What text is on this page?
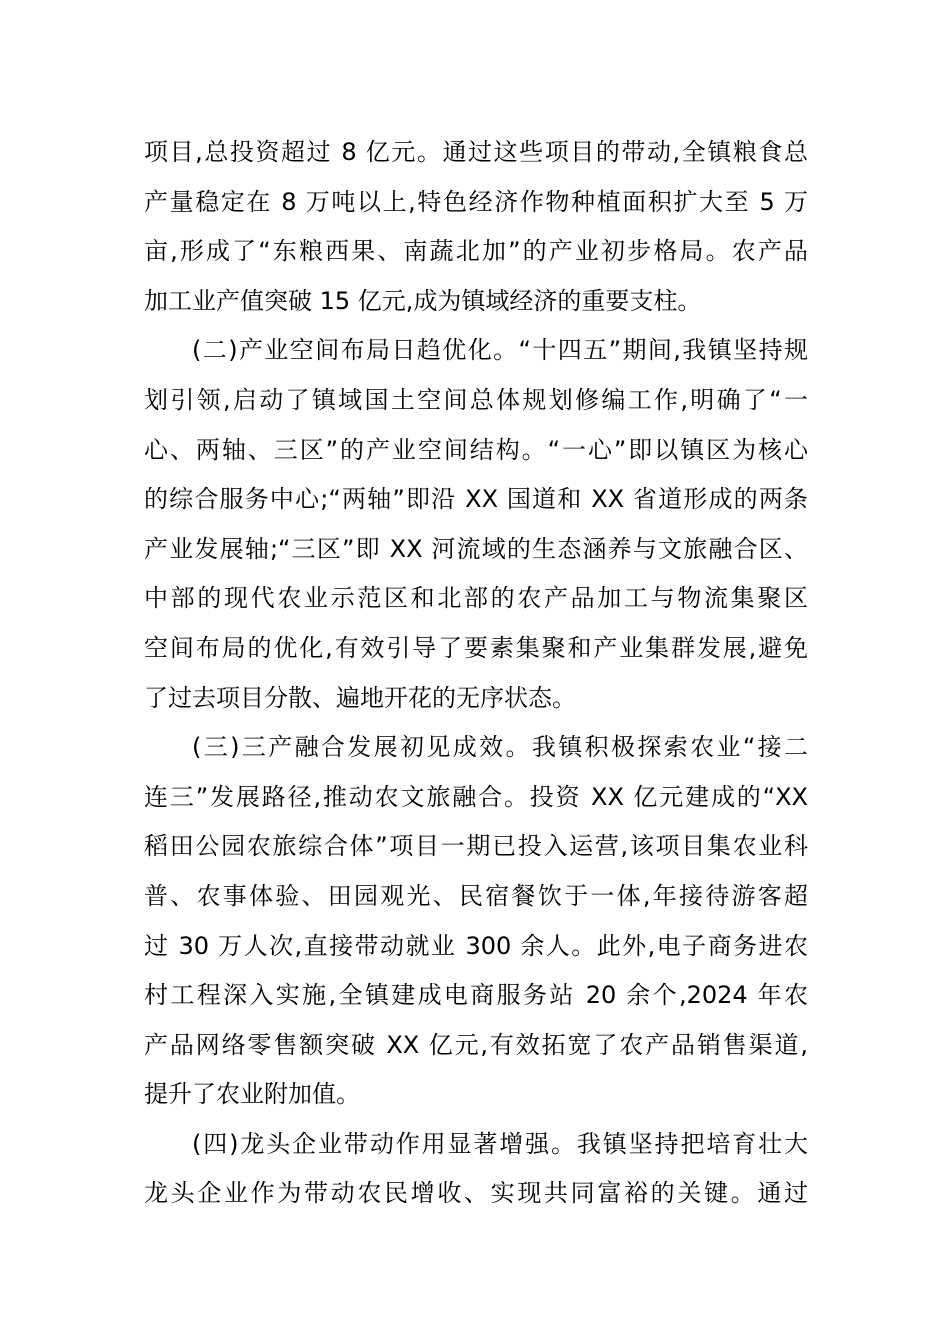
项目,总投资超过 8 亿元。通过这些项目的带动,全镇粮食总
产量稳定在 8 万吨以上,特色经济作物种植面积扩大至 5 万
亩,形成了“东粮西果、南蔬北加”的产业初步格局。农产品
加工业产值突破 15 亿元,成为镇域经济的重要支柱。
(二)产业空间布局日趋优化。“十四五”期间,我镇坚持规
划引领,启动了镇域国土空间总体规划修编工作,明确了“一
心、两轴、三区”的产业空间结构。“一心”即以镇区为核心
的综合服务中心;“两轴”即沿 XX 国道和 XX 省道形成的两条
产业发展轴;“三区”即 XX 河流域的生态涵养与文旅融合区、
中部的现代农业示范区和北部的农产品加工与物流集聚区
空间布局的优化,有效引导了要素集聚和产业集群发展,避免
了过去项目分散、遍地开花的无序状态。
(三)三产融合发展初见成效。我镇积极探索农业“接二
连三”发展路径,推动农文旅融合。投资 XX 亿元建成的“XX
稻田公园农旅综合体”项目一期已投入运营,该项目集农业科
普、农事体验、田园观光、民宿餐饮于一体,年接待游客超
过 30 万人次,直接带动就业 300 余人。此外,电子商务进农
村工程深入实施,全镇建成电商服务站 20 余个,2024 年农
产品网络零售额突破 XX 亿元,有效拓宽了农产品销售渠道,
提升了农业附加值。
(四)龙头企业带动作用显著增强。我镇坚持把培育壮大
龙头企业作为带动农民增收、实现共同富裕的关键。通过
